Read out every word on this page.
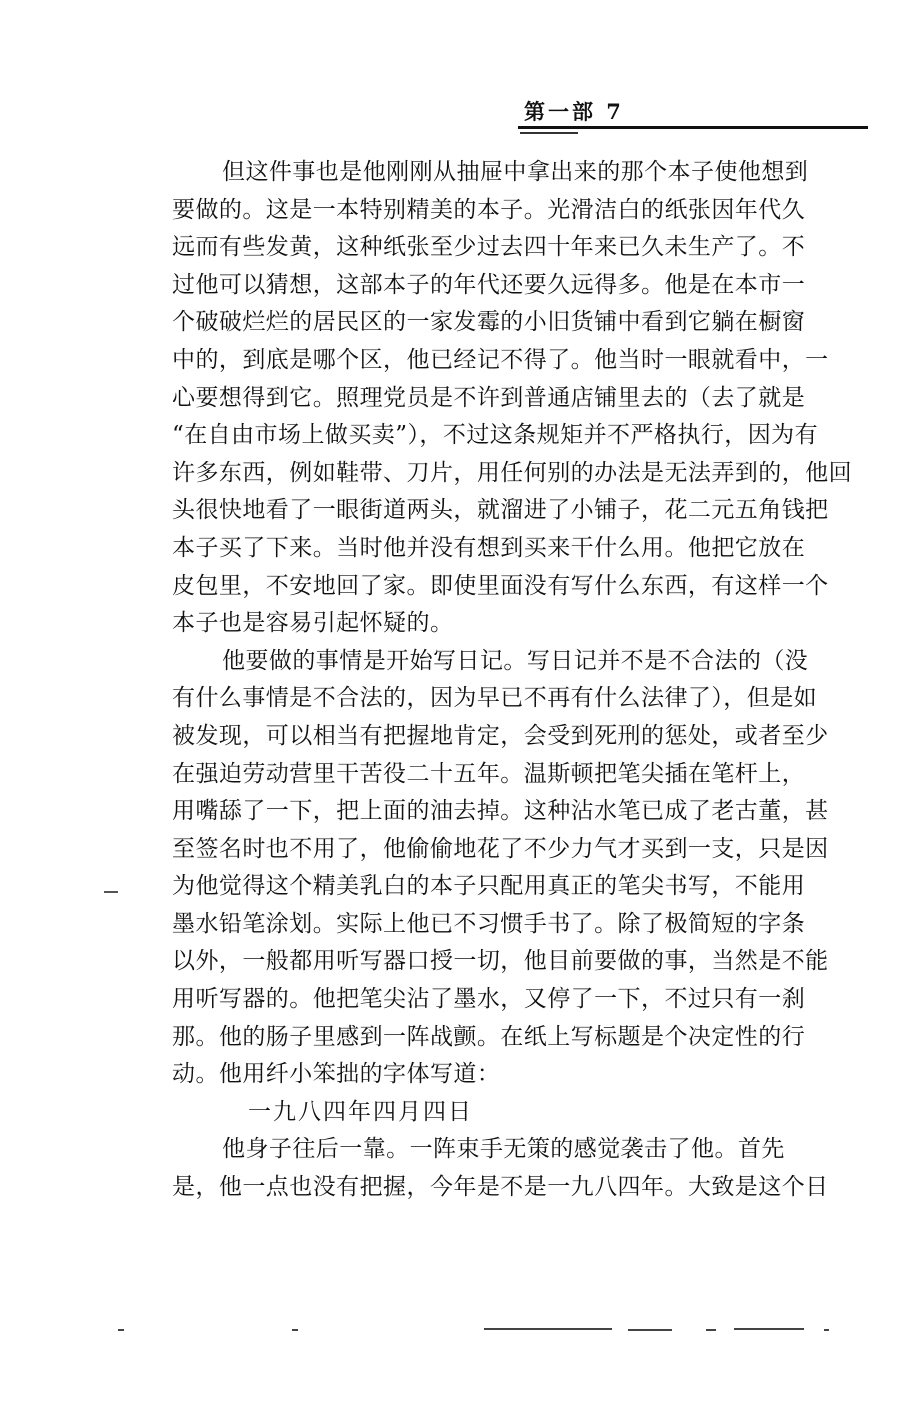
第一部 7
但这件事也是他刚刚从抽屉中拿出来的那个本子使他想到
要做的。这是一本特别精美的本子。光滑洁白的纸张因年代久
远而有些发黄，这种纸张至少过去四十年来已久未生产了。不
过他可以猜想，这部本子的年代还要久远得多。他是在本市一
个破破烂烂的居民区的一家发霉的小旧货铺中看到它躺在橱窗
中的，到底是哪个区，他已经记不得了。他当时一眼就看中，一
心要想得到它。照理党员是不许到普通店铺里去的（去了就是
“在自由市场上做买卖”），不过这条规矩并不严格执行，因为有
许多东西，例如鞋带、刀片，用任何别的办法是无法弄到的，他回
头很快地看了一眼街道两头，就溜进了小铺子，花二元五角钱把
本子买了下来。当时他并没有想到买来干什么用。他把它放在
皮包里，不安地回了家。即使里面没有写什么东西，有这样一个
本子也是容易引起怀疑的。
他要做的事情是开始写日记。写日记并不是不合法的（没
有什么事情是不合法的，因为早已不再有什么法律了），但是如
被发现，可以相当有把握地肯定，会受到死刑的惩处，或者至少
在强迫劳动营里干苦役二十五年。温斯顿把笔尖插在笔杆上，
用嘴舔了一下，把上面的油去掉。这种沾水笔已成了老古董，甚
至签名时也不用了，他偷偷地花了不少力气才买到一支，只是因
为他觉得这个精美乳白的本子只配用真正的笔尖书写，不能用
墨水铅笔涂划。实际上他已不习惯手书了。除了极简短的字条
以外，一般都用听写器口授一切，他目前要做的事，当然是不能
用听写器的。他把笔尖沾了墨水，又停了一下，不过只有一刹
那。他的肠子里感到一阵战颤。在纸上写标题是个决定性的行
动。他用纤小笨拙的字体写道：
一九八四年四月四日
他身子往后一靠。一阵束手无策的感觉袭击了他。首先
是，他一点也没有把握，今年是不是一九八四年。大致是这个日
